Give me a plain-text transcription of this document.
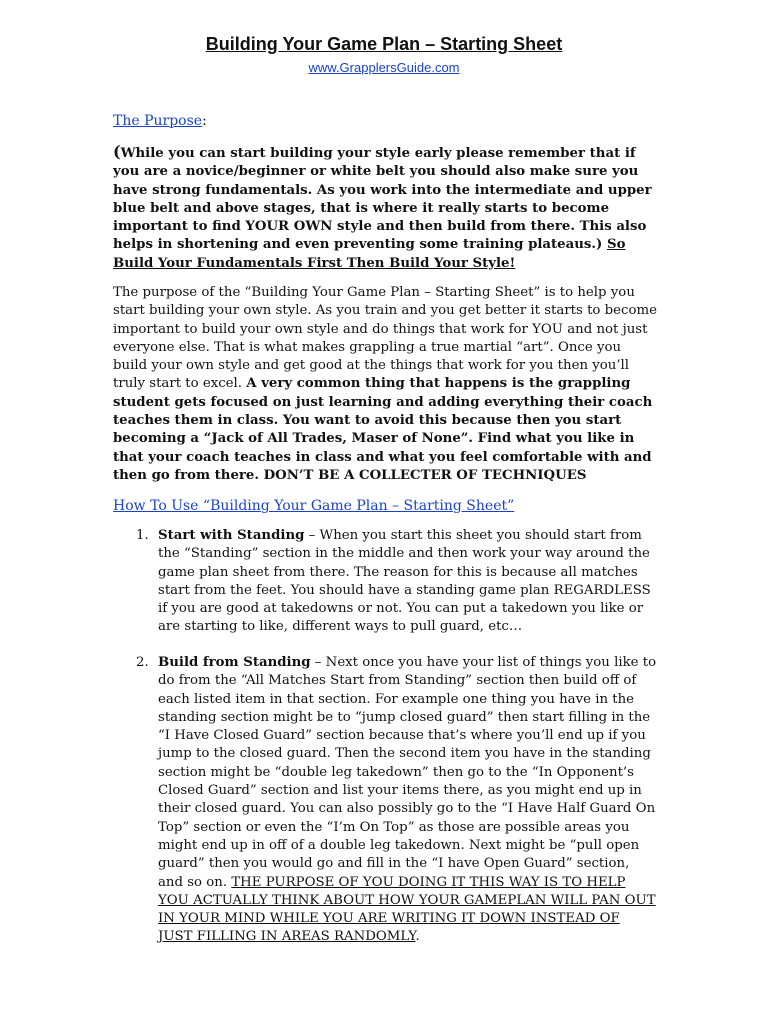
Building Your Game Plan – Starting Sheet
www.GrapplersGuide.com

The Purpose:

(While you can start building your style early please remember that if you are a novice/beginner or white belt you should also make sure you have strong fundamentals. As you work into the intermediate and upper blue belt and above stages, that is where it really starts to become important to find YOUR OWN style and then build from there. This also helps in shortening and even preventing some training plateaus.) So Build Your Fundamentals First Then Build Your Style!

The purpose of the “Building Your Game Plan – Starting Sheet” is to help you start building your own style. As you train and you get better it starts to become important to build your own style and do things that work for YOU and not just everyone else. That is what makes grappling a true martial “art”. Once you build your own style and get good at the things that work for you then you’ll truly start to excel. A very common thing that happens is the grappling student gets focused on just learning and adding everything their coach teaches them in class. You want to avoid this because then you start becoming a “Jack of All Trades, Maser of None”. Find what you like in that your coach teaches in class and what you feel comfortable with and then go from there. DON’T BE A COLLECTER OF TECHNIQUES

How To Use “Building Your Game Plan – Starting Sheet”

1. Start with Standing – When you start this sheet you should start from the “Standing” section in the middle and then work your way around the game plan sheet from there. The reason for this is because all matches start from the feet. You should have a standing game plan REGARDLESS if you are good at takedowns or not. You can put a takedown you like or are starting to like, different ways to pull guard, etc…

2. Build from Standing – Next once you have your list of things you like to do from the “All Matches Start from Standing” section then build off of each listed item in that section. For example one thing you have in the standing section might be to “jump closed guard” then start filling in the “I Have Closed Guard” section because that’s where you’ll end up if you jump to the closed guard. Then the second item you have in the standing section might be “double leg takedown” then go to the “In Opponent’s Closed Guard” section and list your items there, as you might end up in their closed guard. You can also possibly go to the “I Have Half Guard On Top” section or even the “I’m On Top” as those are possible areas you might end up in off of a double leg takedown. Next might be “pull open guard” then you would go and fill in the “I have Open Guard” section, and so on. THE PURPOSE OF YOU DOING IT THIS WAY IS TO HELP YOU ACTUALLY THINK ABOUT HOW YOUR GAMEPLAN WILL PAN OUT IN YOUR MIND WHILE YOU ARE WRITING IT DOWN INSTEAD OF JUST FILLING IN AREAS RANDOMLY.
